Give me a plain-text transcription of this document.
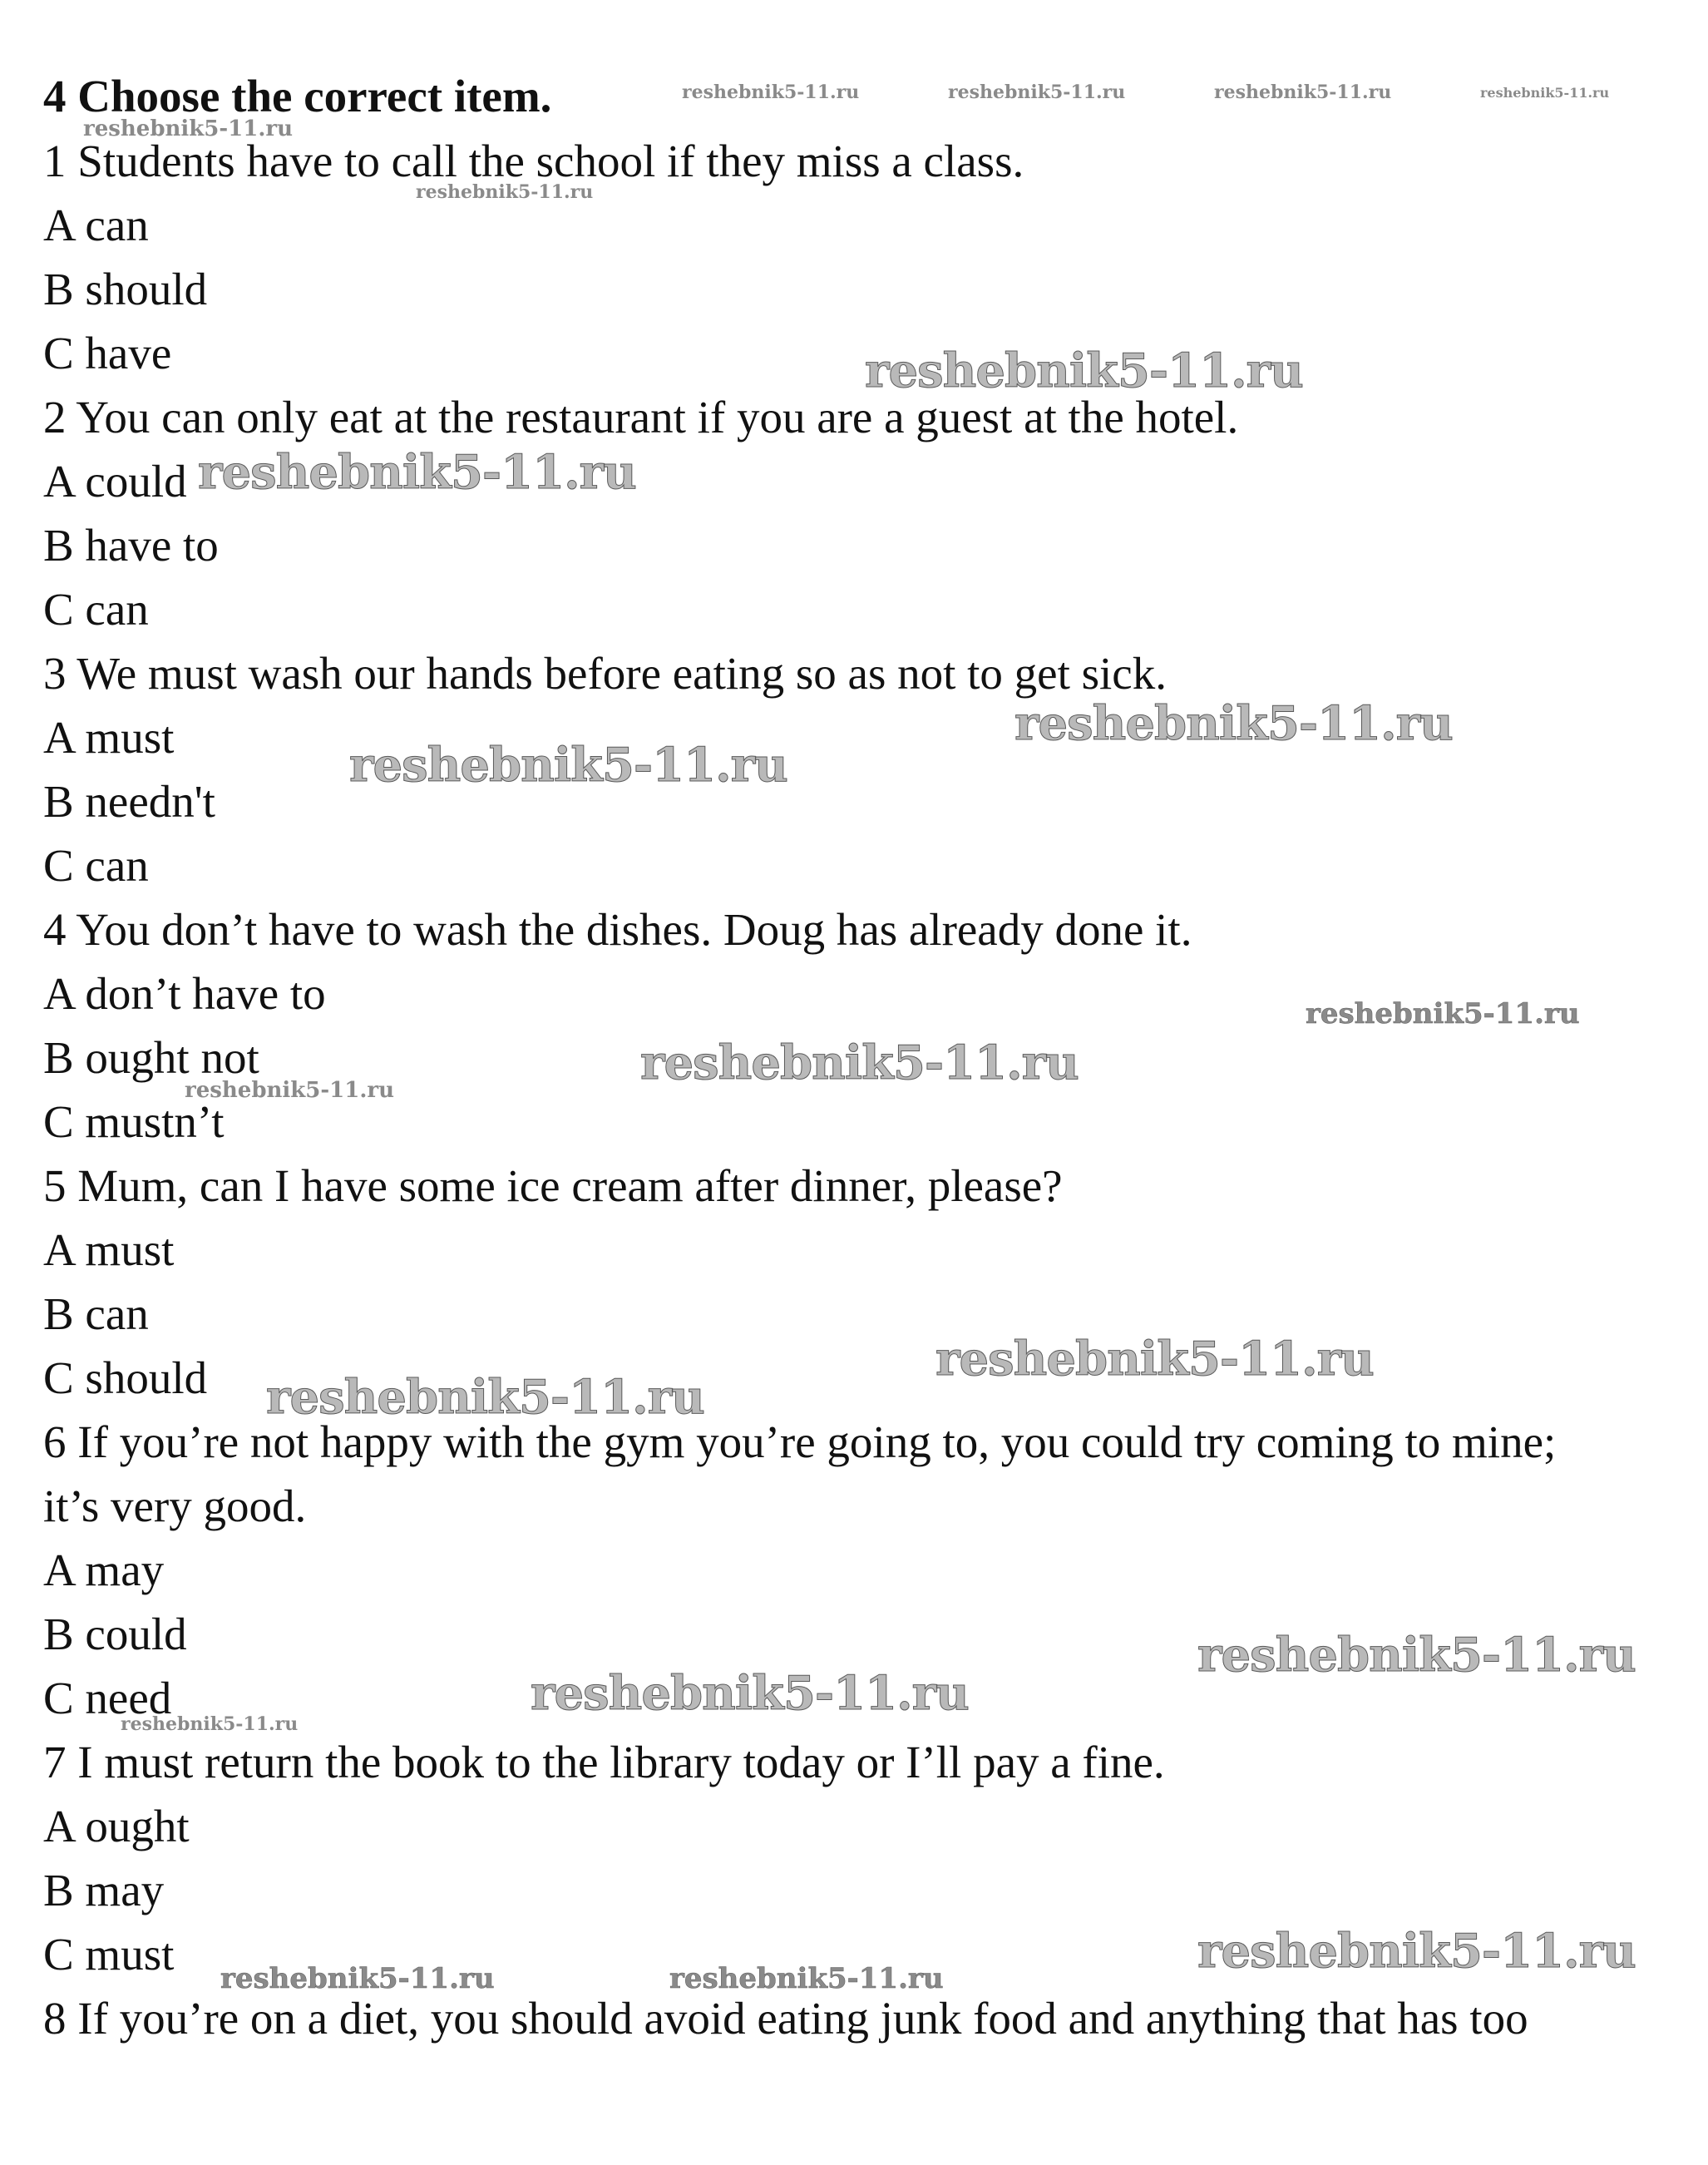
4 Choose the correct item.
1 Students have to call the school if they miss a class.
A can
B should
C have
2 You can only eat at the restaurant if you are a guest at the hotel.
A could
B have to
C can
3 We must wash our hands before eating so as not to get sick.
A must
B needn't
C can
4 You don’t have to wash the dishes. Doug has already done it.
A don’t have to
B ought not
C mustn’t
5 Mum, can I have some ice cream after dinner, please?
A must
B can
C should
6 If you’re not happy with the gym you’re going to, you could try coming to mine;
it’s very good.
A may
B could
C need
7 I must return the book to the library today or I’ll pay a fine.
A ought
B may
C must
8 If you’re on a diet, you should avoid eating junk food and anything that has too
reshebnik5-11.ru	reshebnik5-11.ru	reshebnik5-11.ru	reshebnik5-11.ru
reshebnik5-11.ru
reshebnik5-11.ru
reshebnik5-11.ru
reshebnik5-11.ru
reshebnik5-11.ru
reshebnik5-11.ru
reshebnik5-11.ru
reshebnik5-11.ru
reshebnik5-11.ru
reshebnik5-11.ru
reshebnik5-11.ru
reshebnik5-11.ru
reshebnik5-11.ru
reshebnik5-11.ru
reshebnik5-11.ru
reshebnik5-11.ru	reshebnik5-11.ru
